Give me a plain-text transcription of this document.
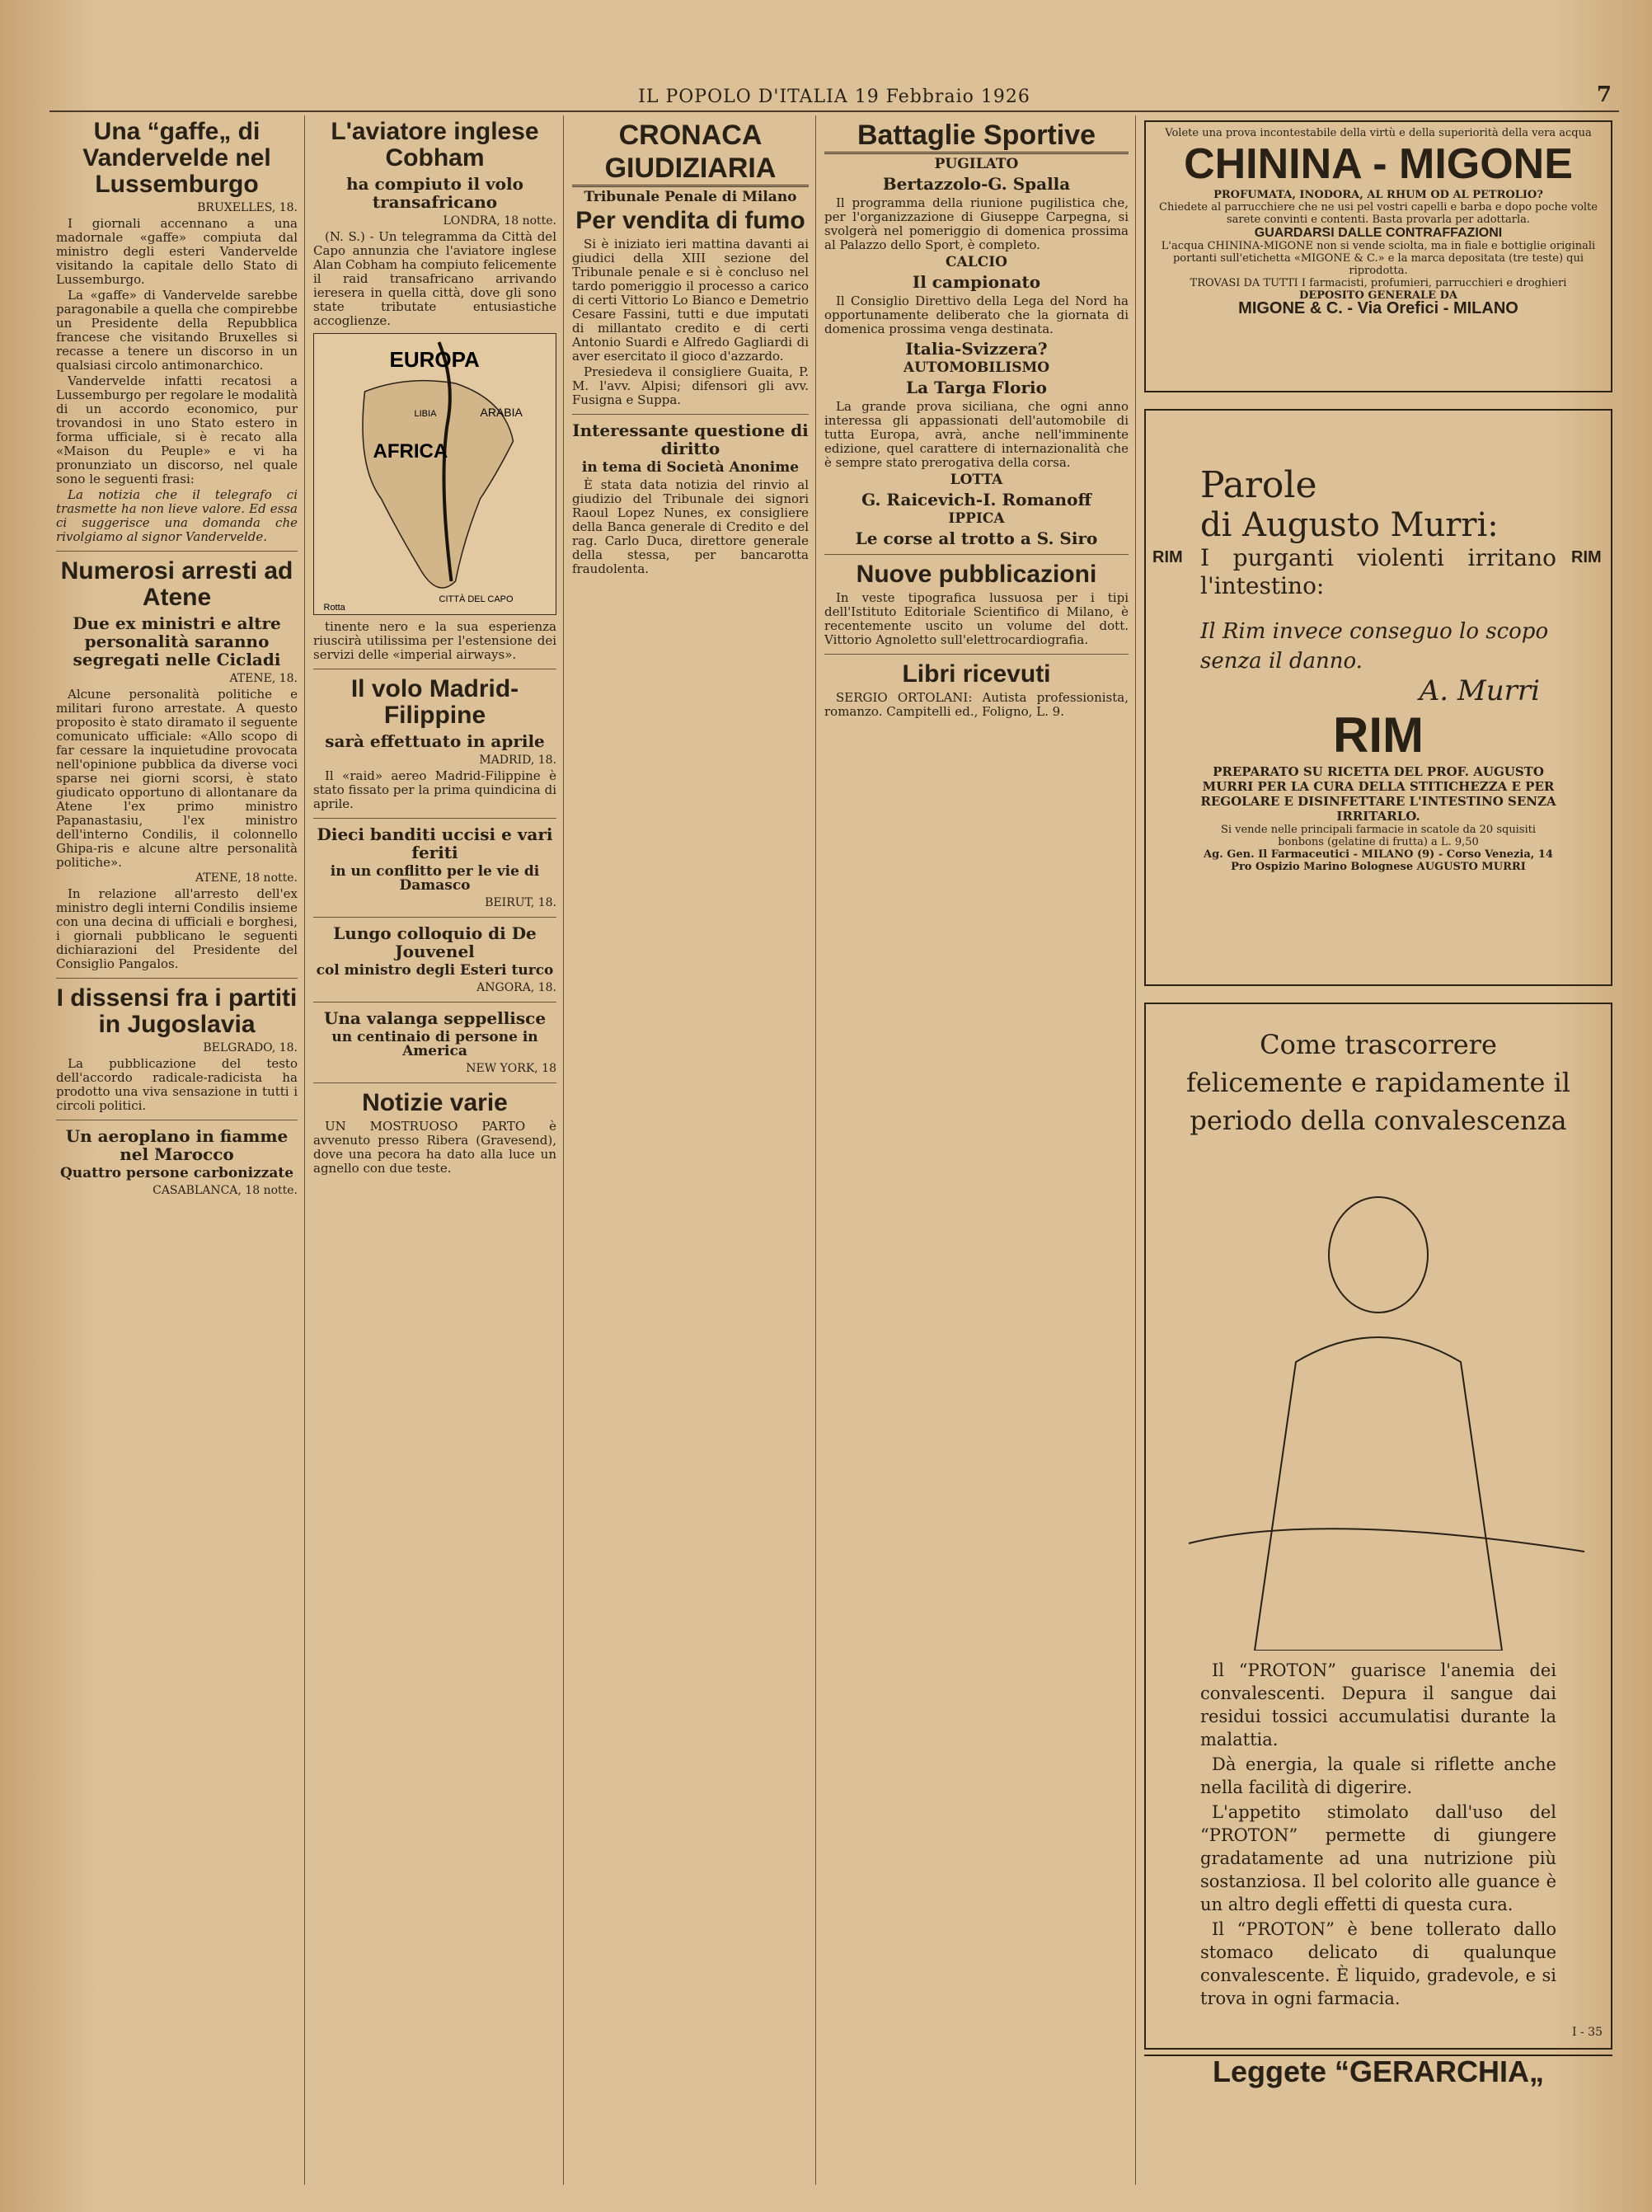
IL POPOLO D'ITALIA 19 Febbraio 1926	7
Una “gaffe„ di Vandervelde nel Lussemburgo
BRUXELLES, 18.

I giornali accennano a una madornale «gaffe» compiuta dal ministro degli esteri Vandervelde visitando la capitale dello Stato di Lussemburgo.

La «gaffe» di Vandervelde sarebbe paragonabile a quella che compirebbe un Presidente della Repubblica francese che visitando Bruxelles si recasse a tenere un discorso in un qualsiasi circolo antimonarchico.

Vandervelde infatti recatosi a Lussemburgo per regolare le modalità di un accordo economico, pur trovandosi in uno Stato estero in forma ufficiale, si è recato alla «Maison du Peuple» e vi ha pronunziato un discorso, nel quale sono le seguenti frasi:

La notizia che il telegrafo ci trasmette ha non lieve valore. Ed essa ci suggerisce una domanda che rivolgiamo al signor Vandervelde.

Numerosi arresti ad Atene
Due ex ministri e altre personalità saranno segregati nelle Cicladi
ATENE, 18.

Alcune personalità politiche e militari furono arrestate. A questo proposito è stato diramato il seguente comunicato ufficiale: «Allo scopo di far cessare la inquietudine provocata nell'opinione pubblica da diverse voci sparse nei giorni scorsi, è stato giudicato opportuno di allontanare da Atene l'ex primo ministro Papanastasiu, l'ex ministro dell'interno Condilis, il colonnello Ghipa-ris e alcune altre personalità politiche».

ATENE, 18 notte.

In relazione all'arresto dell'ex ministro degli interni Condilis insieme con una decina di ufficiali e borghesi, i giornali pubblicano le seguenti dichiarazioni del Presidente del Consiglio Pangalos.

I dissensi fra i partiti in Jugoslavia
BELGRADO, 18.

La pubblicazione del testo dell'accordo radicale-radicista ha prodotto una viva sensazione in tutti i circoli politici.

Un aeroplano in fiamme nel Marocco
Quattro persone carbonizzate
CASABLANCA, 18 notte.
L'aviatore inglese Cobham
ha compiuto il volo transafricano
LONDRA, 18 notte.

(N. S.) - Un telegramma da Città del Capo annunzia che l'aviatore inglese Alan Cobham ha compiuto felicemente il raid transafricano arrivando ieresera in quella città, dove gli sono state tributate entusiastiche accoglienze.

EUROPA
ARABIA
AFRICA
LIBIA
CITTÀ DEL CAPO
Rotta

tinente nero e la sua esperienza riuscirà utilissima per l'estensione dei servizi delle «imperial airways».

Il volo Madrid-Filippine
sarà effettuato in aprile
MADRID, 18.

Il «raid» aereo Madrid-Filippine è stato fissato per la prima quindicina di aprile.

Dieci banditi uccisi e vari feriti
in un conflitto per le vie di Damasco
BEIRUT, 18.
Lungo colloquio di De Jouvenel
col ministro degli Esteri turco
ANGORA, 18.
Una valanga seppellisce
un centinaio di persone in America
NEW YORK, 18
Notizie varie

UN MOSTRUOSO PARTO è avvenuto presso Ribera (Gravesend), dove una pecora ha dato alla luce un agnello con due teste.

CRONACA GIUDIZIARIA
Tribunale Penale di Milano
Per vendita di fumo

Si è iniziato ieri mattina davanti ai giudici della XIII sezione del Tribunale penale e si è concluso nel tardo pomeriggio il processo a carico di certi Vittorio Lo Bianco e Demetrio Cesare Fassini, tutti e due imputati di millantato credito e di certi Antonio Suardi e Alfredo Gagliardi di aver esercitato il gioco d'azzardo.

Presiedeva il consigliere Guaita, P. M. l'avv. Alpisi; difensori gli avv. Fusigna e Suppa.

Interessante questione di diritto
in tema di Società Anonime

È stata data notizia del rinvio al giudizio del Tribunale dei signori Raoul Lopez Nunes, ex consigliere della Banca generale di Credito e del rag. Carlo Duca, direttore generale della stessa, per bancarotta fraudolenta.

Battaglie Sportive
PUGILATO
Bertazzolo-G. Spalla

Il programma della riunione pugilistica che, per l'organizzazione di Giuseppe Carpegna, si svolgerà nel pomeriggio di domenica prossima al Palazzo dello Sport, è completo.

CALCIO
Il campionato

Il Consiglio Direttivo della Lega del Nord ha opportunamente deliberato che la giornata di domenica prossima venga destinata.

Italia-Svizzera?
AUTOMOBILISMO
La Targa Florio

La grande prova siciliana, che ogni anno interessa gli appassionati dell'automobile di tutta Europa, avrà, anche nell'imminente edizione, quel carattere di internazionalità che è sempre stato prerogativa della corsa.

LOTTA
G. Raicevich-I. Romanoff
IPPICA
Le corse al trotto a S. Siro
Nuove pubblicazioni

In veste tipografica lussuosa per i tipi dell'Istituto Editoriale Scientifico di Milano, è recentemente uscito un volume del dott. Vittorio Agnoletto sull'elettrocardiografia.

Libri ricevuti

SERGIO ORTOLANI: Autista professionista, romanzo. Campitelli ed., Foligno, L. 9.

Volete una prova incontestabile della virtù e della superiorità della vera acqua
CHININA - MIGONE
PROFUMATA, INODORA, AL RHUM OD AL PETROLIO?
Chiedete al parrucchiere che ne usi pel vostri capelli e barba e dopo poche volte sarete convinti e contenti. Basta provarla per adottarla.
GUARDARSI DALLE CONTRAFFAZIONI
L'acqua CHININA-MIGONE non si vende sciolta, ma in fiale e bottiglie originali portanti sull'etichetta «MIGONE & C.» e la marca depositata (tre teste) qui riprodotta.
TROVASI DA TUTTI I farmacisti, profumieri, parrucchieri e droghieri
DEPOSITO GENERALE DA
MIGONE & C. - Via Orefici - MILANO
RIM	RIM
Parole
di Augusto Murri:
I purganti violenti irritano l'intestino:
Il Rim invece conseguo lo scopo
senza il danno.
A. Murri
RIM
PREPARATO SU RICETTA DEL PROF. AUGUSTO MURRI PER LA CURA DELLA STITICHEZZA E PER REGOLARE E DISINFETTARE L'INTESTINO SENZA IRRITARLO.
Si vende nelle principali farmacie in scatole da 20 squisiti bonbons (gelatine di frutta) a L. 9,50
Ag. Gen. Il Farmaceutici - MILANO (9) - Corso Venezia, 14
Pro Ospizio Marino Bolognese AUGUSTO MURRI
Come trascorrere felicemente e rapidamente il periodo della convalescenza

Il “PROTON” guarisce l'anemia dei convalescenti. Depura il sangue dai residui tossici accumulatisi durante la malattia.

Dà energia, la quale si riflette anche nella facilità di digerire.

L'appetito stimolato dall'uso del “PROTON” permette di giungere gradatamente ad una nutrizione più sostanziosa. Il bel colorito alle guance è un altro degli effetti di questa cura.

Il “PROTON” è bene tollerato dallo stomaco delicato di qualunque convalescente. È liquido, gradevole, e si trova in ogni farmacia.

I - 35
Leggete “GERARCHIA„
